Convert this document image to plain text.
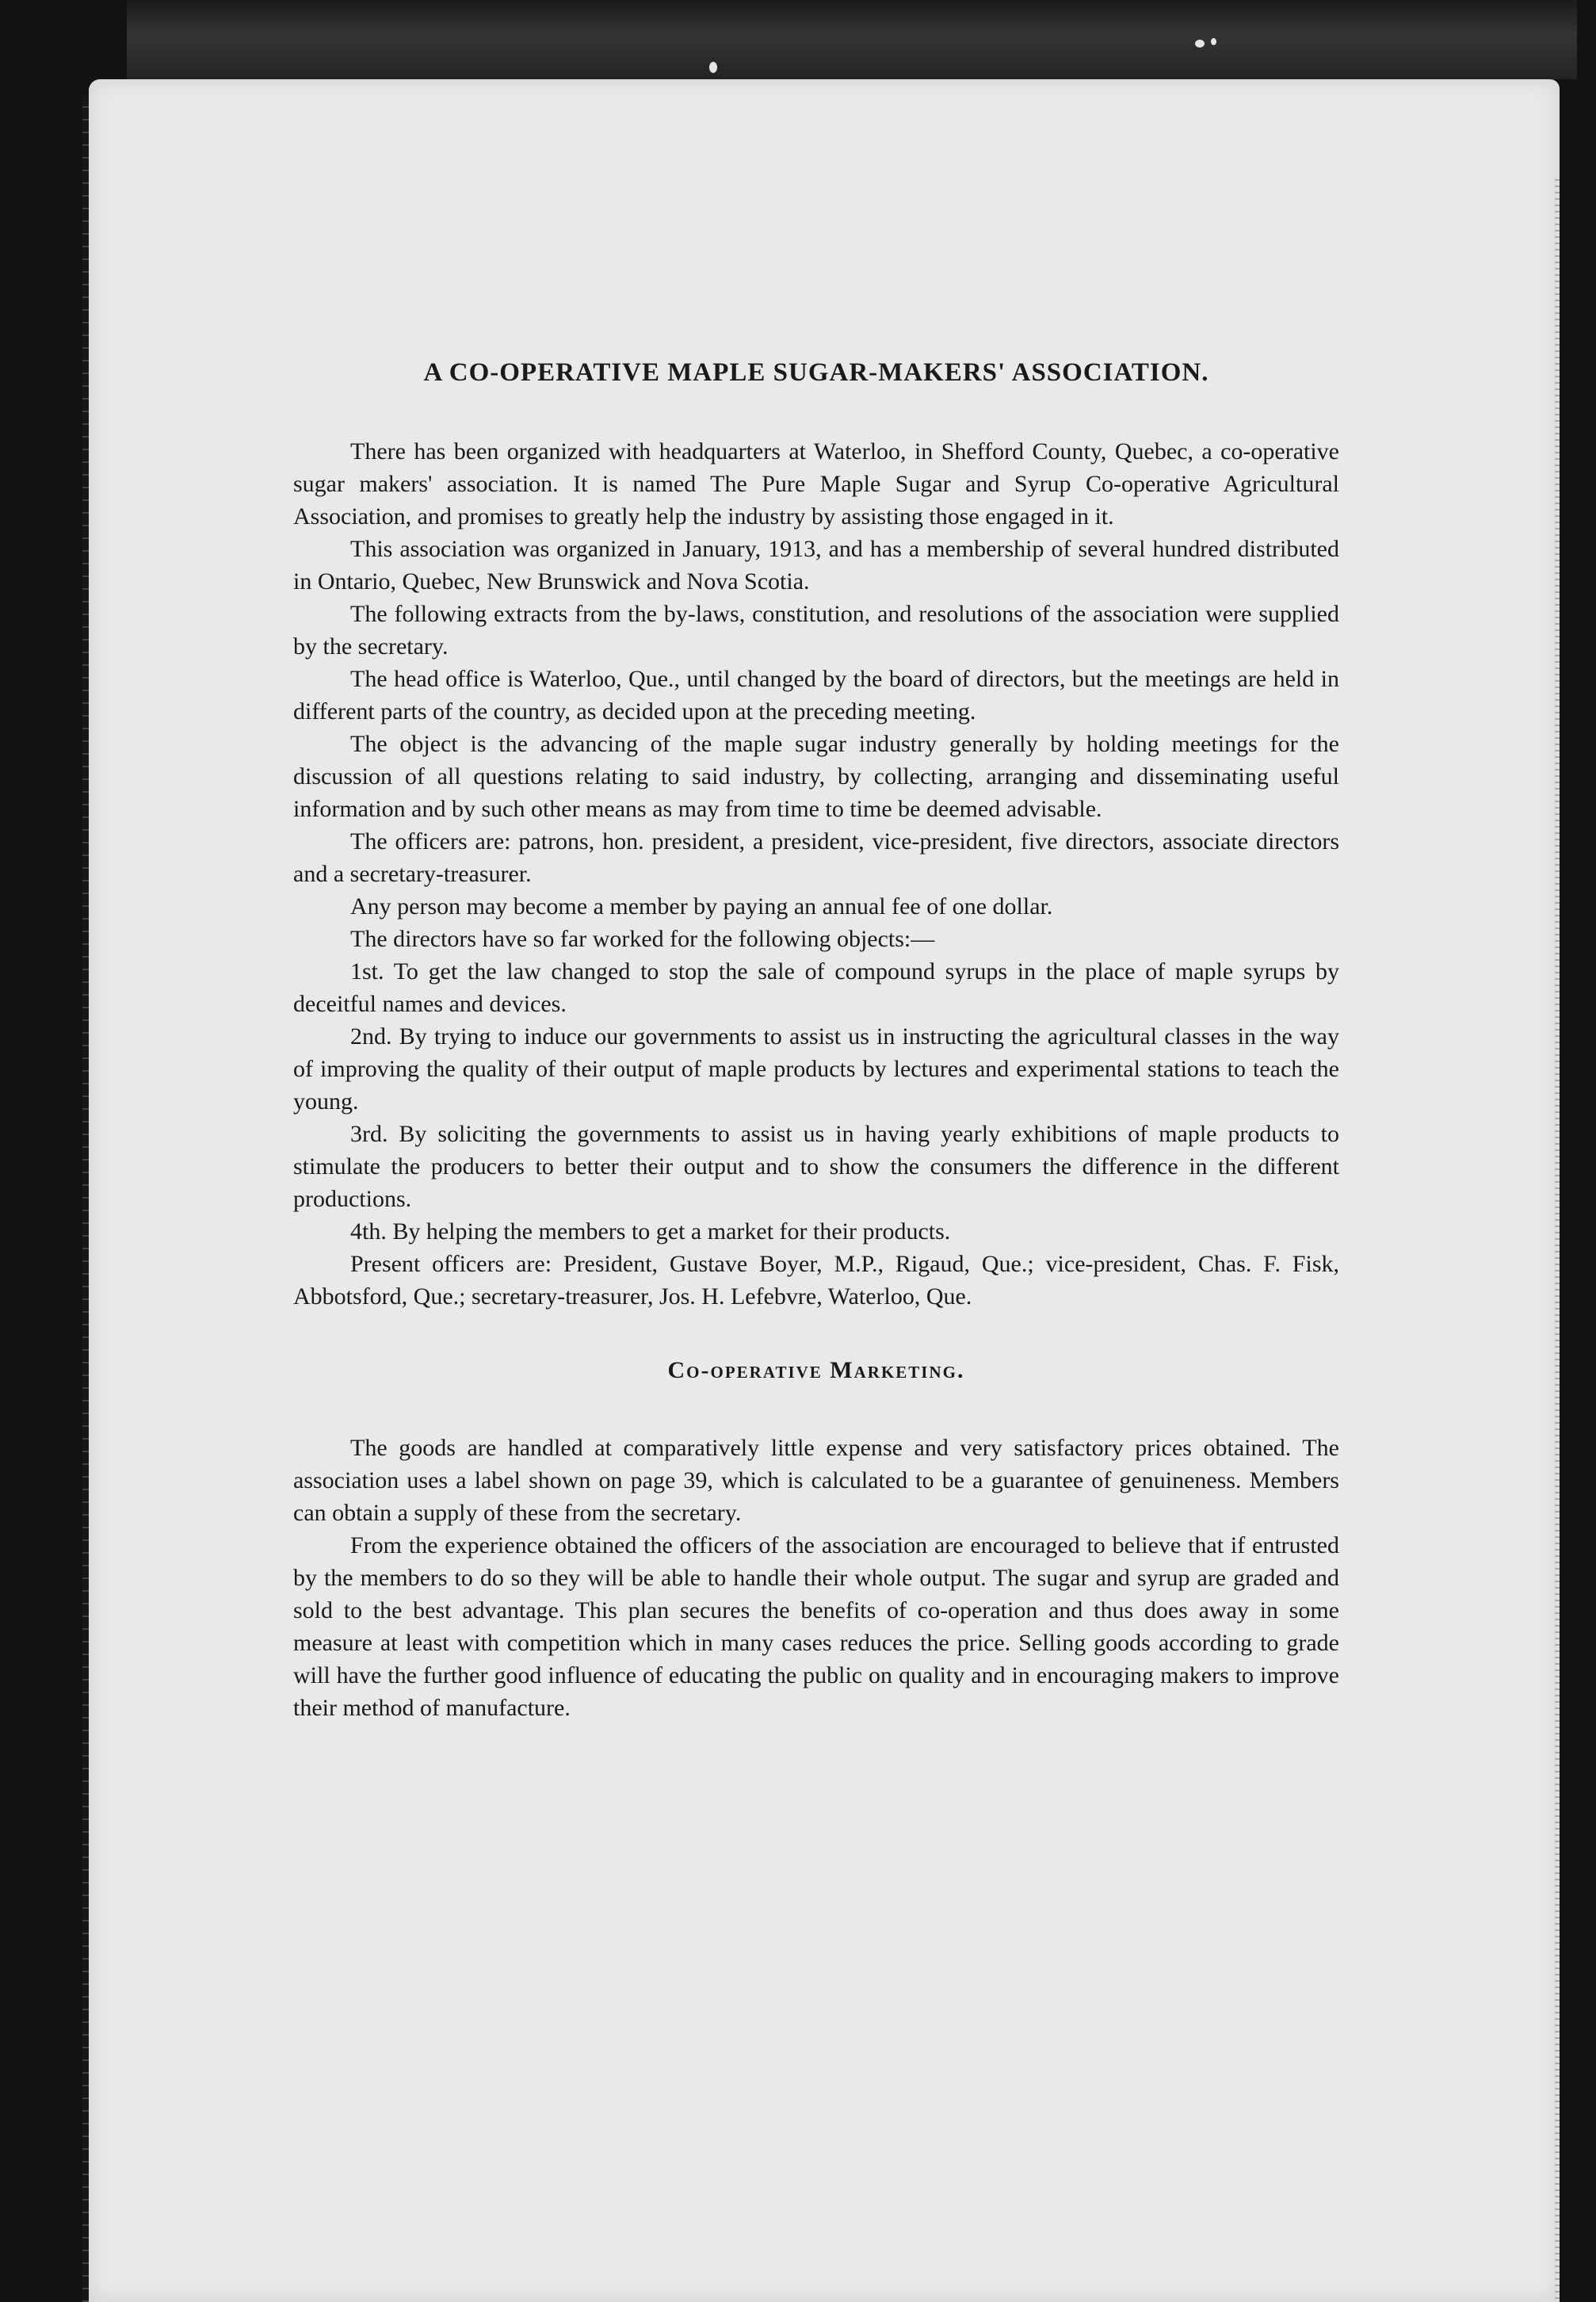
A CO-OPERATIVE MAPLE SUGAR-MAKERS' ASSOCIATION.

There has been organized with headquarters at Waterloo, in Shefford County, Quebec, a co-operative sugar makers' association. It is named The Pure Maple Sugar and Syrup Co-operative Agricultural Association, and promises to greatly help the industry by assisting those engaged in it.

This association was organized in January, 1913, and has a membership of several hundred distributed in Ontario, Quebec, New Brunswick and Nova Scotia.

The following extracts from the by-laws, constitution, and resolutions of the association were supplied by the secretary.

The head office is Waterloo, Que., until changed by the board of directors, but the meetings are held in different parts of the country, as decided upon at the preceding meeting.

The object is the advancing of the maple sugar industry generally by holding meetings for the discussion of all questions relating to said industry, by collecting, arranging and disseminating useful information and by such other means as may from time to time be deemed advisable.

The officers are: patrons, hon. president, a president, vice-president, five directors, associate directors and a secretary-treasurer.

Any person may become a member by paying an annual fee of one dollar.

The directors have so far worked for the following objects:—

1st. To get the law changed to stop the sale of compound syrups in the place of maple syrups by deceitful names and devices.

2nd. By trying to induce our governments to assist us in instructing the agricultural classes in the way of improving the quality of their output of maple products by lectures and experimental stations to teach the young.

3rd. By soliciting the governments to assist us in having yearly exhibitions of maple products to stimulate the producers to better their output and to show the consumers the difference in the different productions.

4th. By helping the members to get a market for their products.

Present officers are: President, Gustave Boyer, M.P., Rigaud, Que.; vice-president, Chas. F. Fisk, Abbotsford, Que.; secretary-treasurer, Jos. H. Lefebvre, Waterloo, Que.

Co-operative Marketing.

The goods are handled at comparatively little expense and very satisfactory prices obtained. The association uses a label shown on page 39, which is calculated to be a guarantee of genuineness. Members can obtain a supply of these from the secretary.

From the experience obtained the officers of the association are encouraged to believe that if entrusted by the members to do so they will be able to handle their whole output. The sugar and syrup are graded and sold to the best advantage. This plan secures the benefits of co-operation and thus does away in some measure at least with competition which in many cases reduces the price. Selling goods according to grade will have the further good influence of educating the public on quality and in encouraging makers to improve their method of manufacture.
